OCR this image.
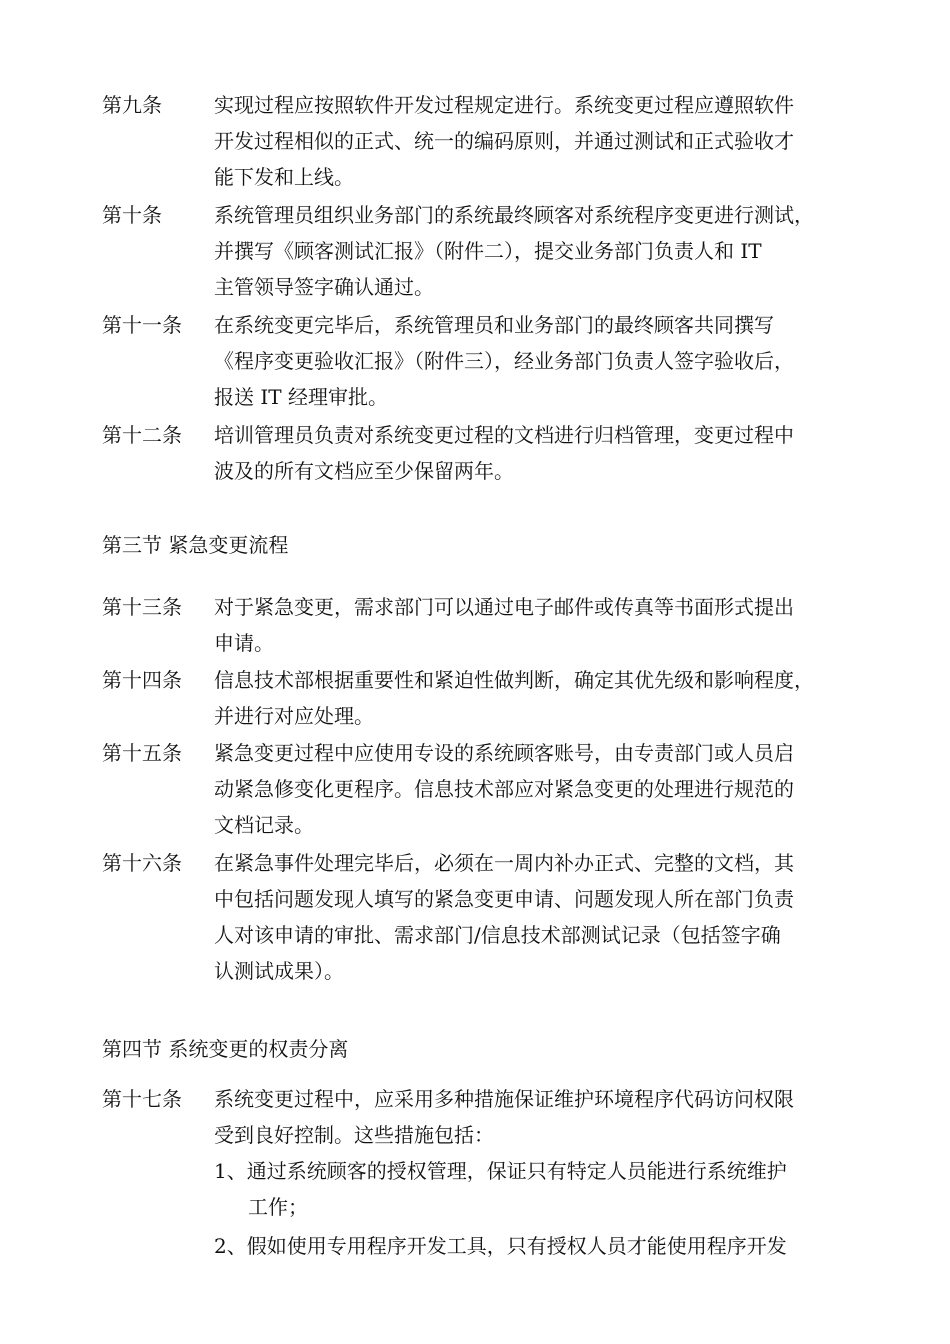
第九条	实现过程应按照软件开发过程规定进行。系统变更过程应遵照软件
开发过程相似的正式、统一的编码原则，并通过测试和正式验收才
能下发和上线。
第十条	系统管理员组织业务部门的系统最终顾客对系统程序变更进行测试，
并撰写《顾客测试汇报》（附件二），提交业务部门负责人和 IT
主管领导签字确认通过。
第十一条	在系统变更完毕后，系统管理员和业务部门的最终顾客共同撰写
《程序变更验收汇报》（附件三），经业务部门负责人签字验收后，
报送 IT 经理审批。
第十二条	培训管理员负责对系统变更过程的文档进行归档管理，变更过程中
波及的所有文档应至少保留两年。
第三节 紧急变更流程
第十三条	对于紧急变更，需求部门可以通过电子邮件或传真等书面形式提出
申请。
第十四条	信息技术部根据重要性和紧迫性做判断，确定其优先级和影响程度，
并进行对应处理。
第十五条	紧急变更过程中应使用专设的系统顾客账号，由专责部门或人员启
动紧急修变化更程序。信息技术部应对紧急变更的处理进行规范的
文档记录。
第十六条	在紧急事件处理完毕后，必须在一周内补办正式、完整的文档，其
中包括问题发现人填写的紧急变更申请、问题发现人所在部门负责
人对该申请的审批、需求部门/信息技术部测试记录（包括签字确
认测试成果）。
第四节 系统变更的权责分离
第十七条	系统变更过程中，应采用多种措施保证维护环境程序代码访问权限
受到良好控制。这些措施包括：
1、通过系统顾客的授权管理，保证只有特定人员能进行系统维护
工作；
2、假如使用专用程序开发工具，只有授权人员才能使用程序开发
